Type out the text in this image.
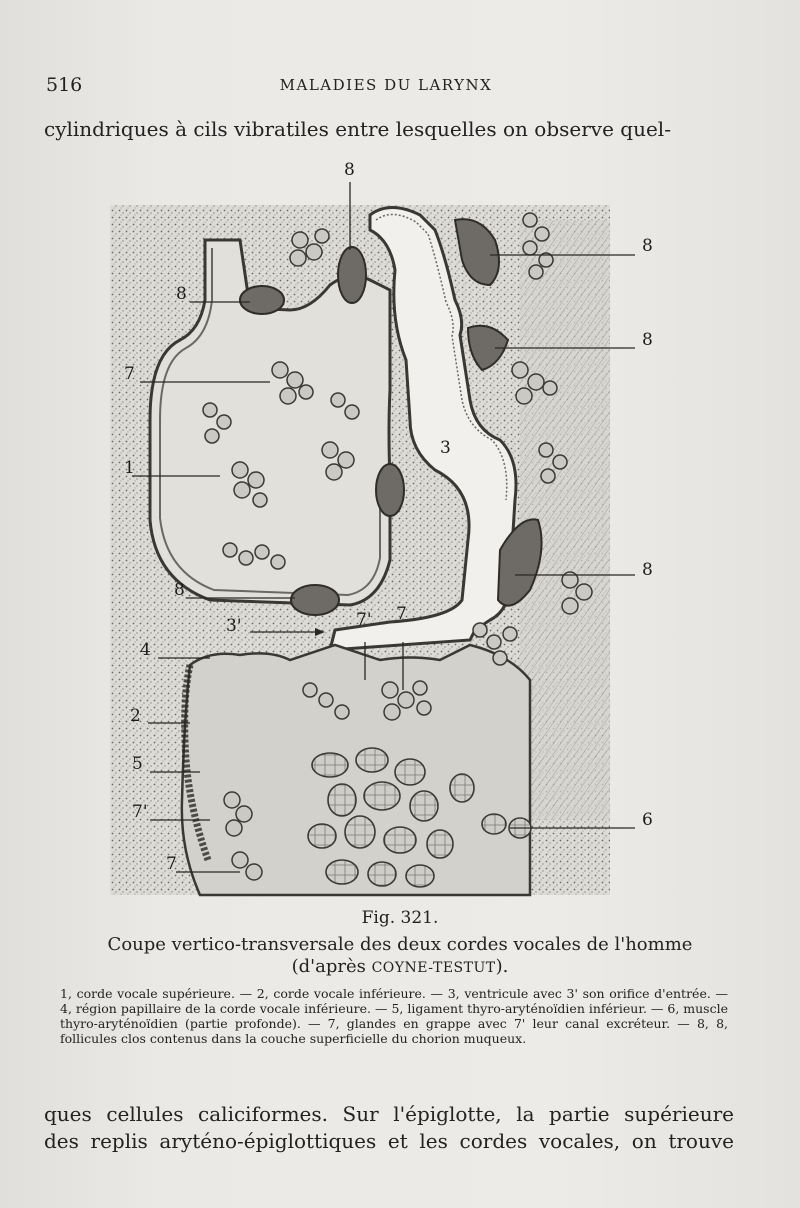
516	MALADIES DU LARYNX

cylindriques à cils vibratiles entre lesquelles on observe quel-

8
8
8
8
8
8
7
1
3
3'	7' 7
4
2
5
7'
7
6
Fig. 321.
Coupe vertico-transversale des deux cordes vocales de l'homme
(d'après COYNE-TESTUT).

1, corde vocale supérieure. — 2, corde vocale inférieure. — 3, ventricule avec 3' son orifice d'entrée. — 4, région papillaire de la corde vocale inférieure. — 5, ligament thyro-aryténoïdien inférieur. — 6, muscle thyro-aryténoïdien (partie profonde). — 7, glandes en grappe avec 7' leur canal excréteur. — 8, 8, follicules clos contenus dans la couche superficielle du chorion muqueux.

ques cellules caliciformes. Sur l'épiglotte, la partie supérieure
des replis aryténo-épiglottiques et les cordes vocales, on trouve
